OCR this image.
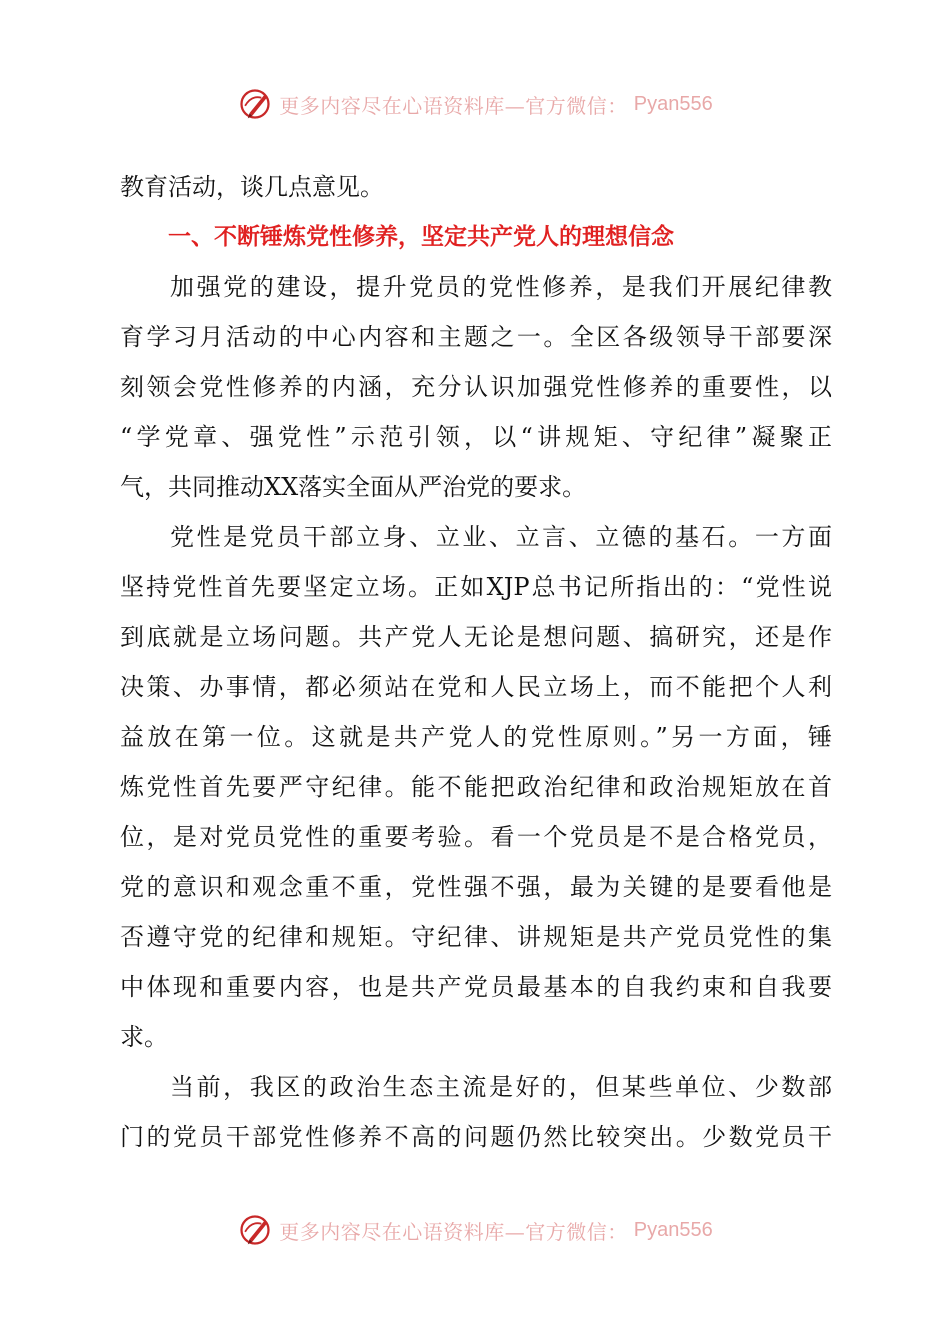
更多内容尽在心语资料库—官方微信： Pyan556
教育活动，谈几点意见。
一、不断锤炼党性修养，坚定共产党人的理想信念
加强党的建设，提升党员的党性修养，是我们开展纪律教
育学习月活动的中心内容和主题之一。全区各级领导干部要深
刻领会党性修养的内涵，充分认识加强党性修养的重要性，以
“学党章、强党性”示范引领，以“讲规矩、守纪律”凝聚正
气，共同推动XX落实全面从严治党的要求。
党性是党员干部立身、立业、立言、立德的基石。一方面
坚持党性首先要坚定立场。正如XJP总书记所指出的：“党性说
到底就是立场问题。共产党人无论是想问题、搞研究，还是作
决策、办事情，都必须站在党和人民立场上，而不能把个人利
益放在第一位。这就是共产党人的党性原则。”另一方面，锤
炼党性首先要严守纪律。能不能把政治纪律和政治规矩放在首
位，是对党员党性的重要考验。看一个党员是不是合格党员，
党的意识和观念重不重，党性强不强，最为关键的是要看他是
否遵守党的纪律和规矩。守纪律、讲规矩是共产党员党性的集
中体现和重要内容，也是共产党员最基本的自我约束和自我要
求。
当前，我区的政治生态主流是好的，但某些单位、少数部
门的党员干部党性修养不高的问题仍然比较突出。少数党员干
更多内容尽在心语资料库—官方微信： Pyan556
